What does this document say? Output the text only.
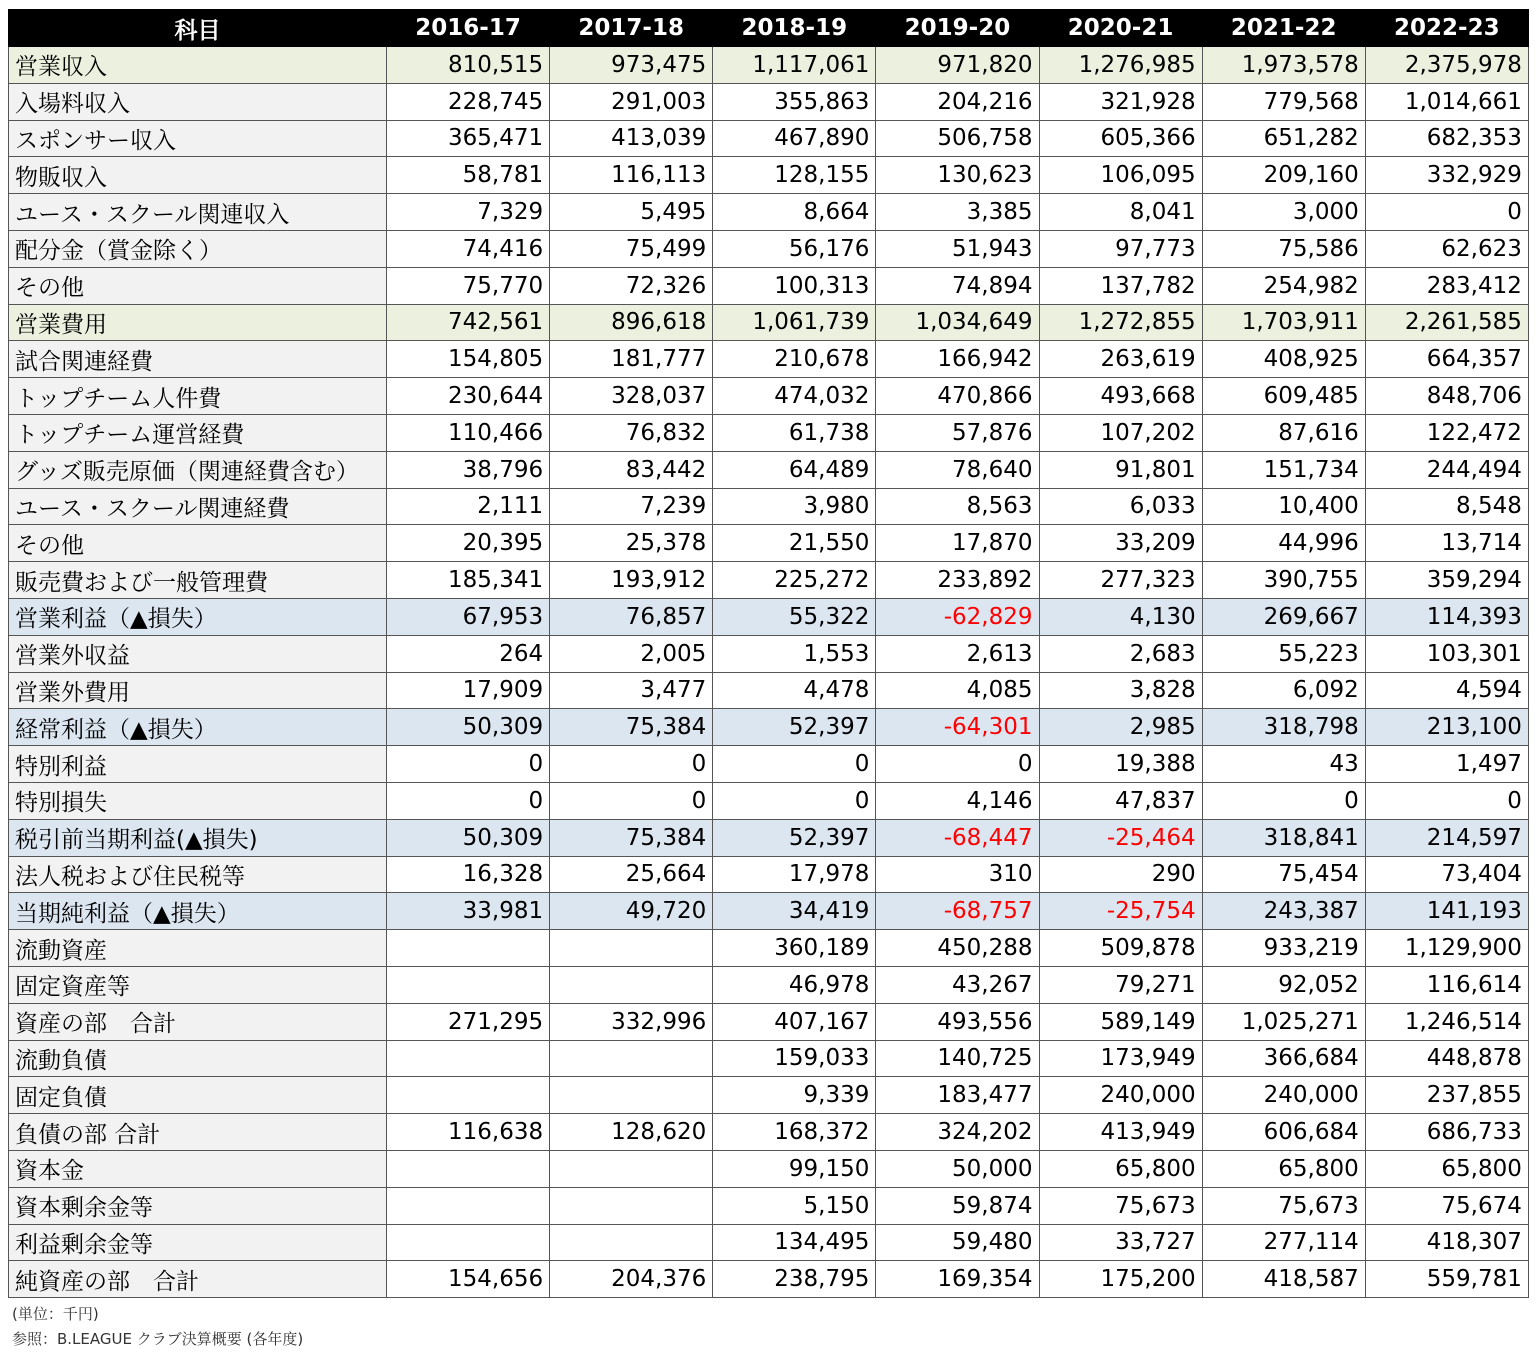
科目	2016-17	2017-18	2018-19	2019-20	2020-21	2021-22	2022-23
営業収入	810,515	973,475	1,117,061	971,820	1,276,985	1,973,578	2,375,978
入場料収入	228,745	291,003	355,863	204,216	321,928	779,568	1,014,661
スポンサー収入	365,471	413,039	467,890	506,758	605,366	651,282	682,353
物販収入	58,781	116,113	128,155	130,623	106,095	209,160	332,929
ユース・スクール関連収入	7,329	5,495	8,664	3,385	8,041	3,000	0
配分金（賞金除く）	74,416	75,499	56,176	51,943	97,773	75,586	62,623
その他	75,770	72,326	100,313	74,894	137,782	254,982	283,412
営業費用	742,561	896,618	1,061,739	1,034,649	1,272,855	1,703,911	2,261,585
試合関連経費	154,805	181,777	210,678	166,942	263,619	408,925	664,357
トップチーム人件費	230,644	328,037	474,032	470,866	493,668	609,485	848,706
トップチーム運営経費	110,466	76,832	61,738	57,876	107,202	87,616	122,472
グッズ販売原価（関連経費含む）	38,796	83,442	64,489	78,640	91,801	151,734	244,494
ユース・スクール関連経費	2,111	7,239	3,980	8,563	6,033	10,400	8,548
その他	20,395	25,378	21,550	17,870	33,209	44,996	13,714
販売費および一般管理費	185,341	193,912	225,272	233,892	277,323	390,755	359,294
営業利益（▲損失）	67,953	76,857	55,322	-62,829	4,130	269,667	114,393
営業外収益	264	2,005	1,553	2,613	2,683	55,223	103,301
営業外費用	17,909	3,477	4,478	4,085	3,828	6,092	4,594
経常利益（▲損失）	50,309	75,384	52,397	-64,301	2,985	318,798	213,100
特別利益	0	0	0	0	19,388	43	1,497
特別損失	0	0	0	4,146	47,837	0	0
税引前当期利益(▲損失)	50,309	75,384	52,397	-68,447	-25,464	318,841	214,597
法人税および住民税等	16,328	25,664	17,978	310	290	75,454	73,404
当期純利益（▲損失）	33,981	49,720	34,419	-68,757	-25,754	243,387	141,193
流動資産			360,189	450,288	509,878	933,219	1,129,900
固定資産等			46,978	43,267	79,271	92,052	116,614
資産の部　合計	271,295	332,996	407,167	493,556	589,149	1,025,271	1,246,514
流動負債			159,033	140,725	173,949	366,684	448,878
固定負債			9,339	183,477	240,000	240,000	237,855
負債の部 合計	116,638	128,620	168,372	324,202	413,949	606,684	686,733
資本金			99,150	50,000	65,800	65,800	65,800
資本剰余金等			5,150	59,874	75,673	75,673	75,674
利益剰余金等			134,495	59,480	33,727	277,114	418,307
純資産の部　合計	154,656	204,376	238,795	169,354	175,200	418,587	559,781
(単位：千円)
参照：B.LEAGUE クラブ決算概要 (各年度)
